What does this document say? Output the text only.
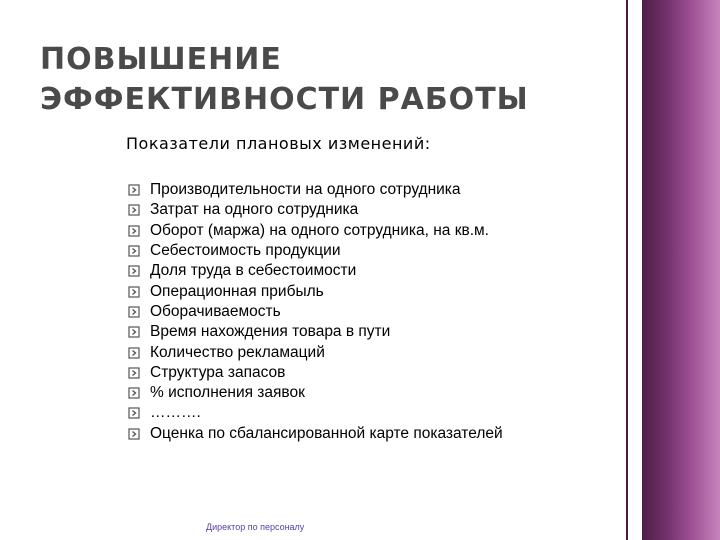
ПОВЫШЕНИЕ ЭФФЕКТИВНОСТИ РАБОТЫ

Показатели плановых изменений:

Производительности на одного сотрудника
Затрат на одного сотрудника
Оборот (маржа) на одного сотрудника, на кв.м.
Себестоимость продукции
Доля труда в себестоимости
Операционная прибыль
Оборачиваемость
Время нахождения товара в пути
Количество рекламаций
Структура запасов
% исполнения заявок
……….
Оценка по сбалансированной карте показателей

Директор по персоналу
